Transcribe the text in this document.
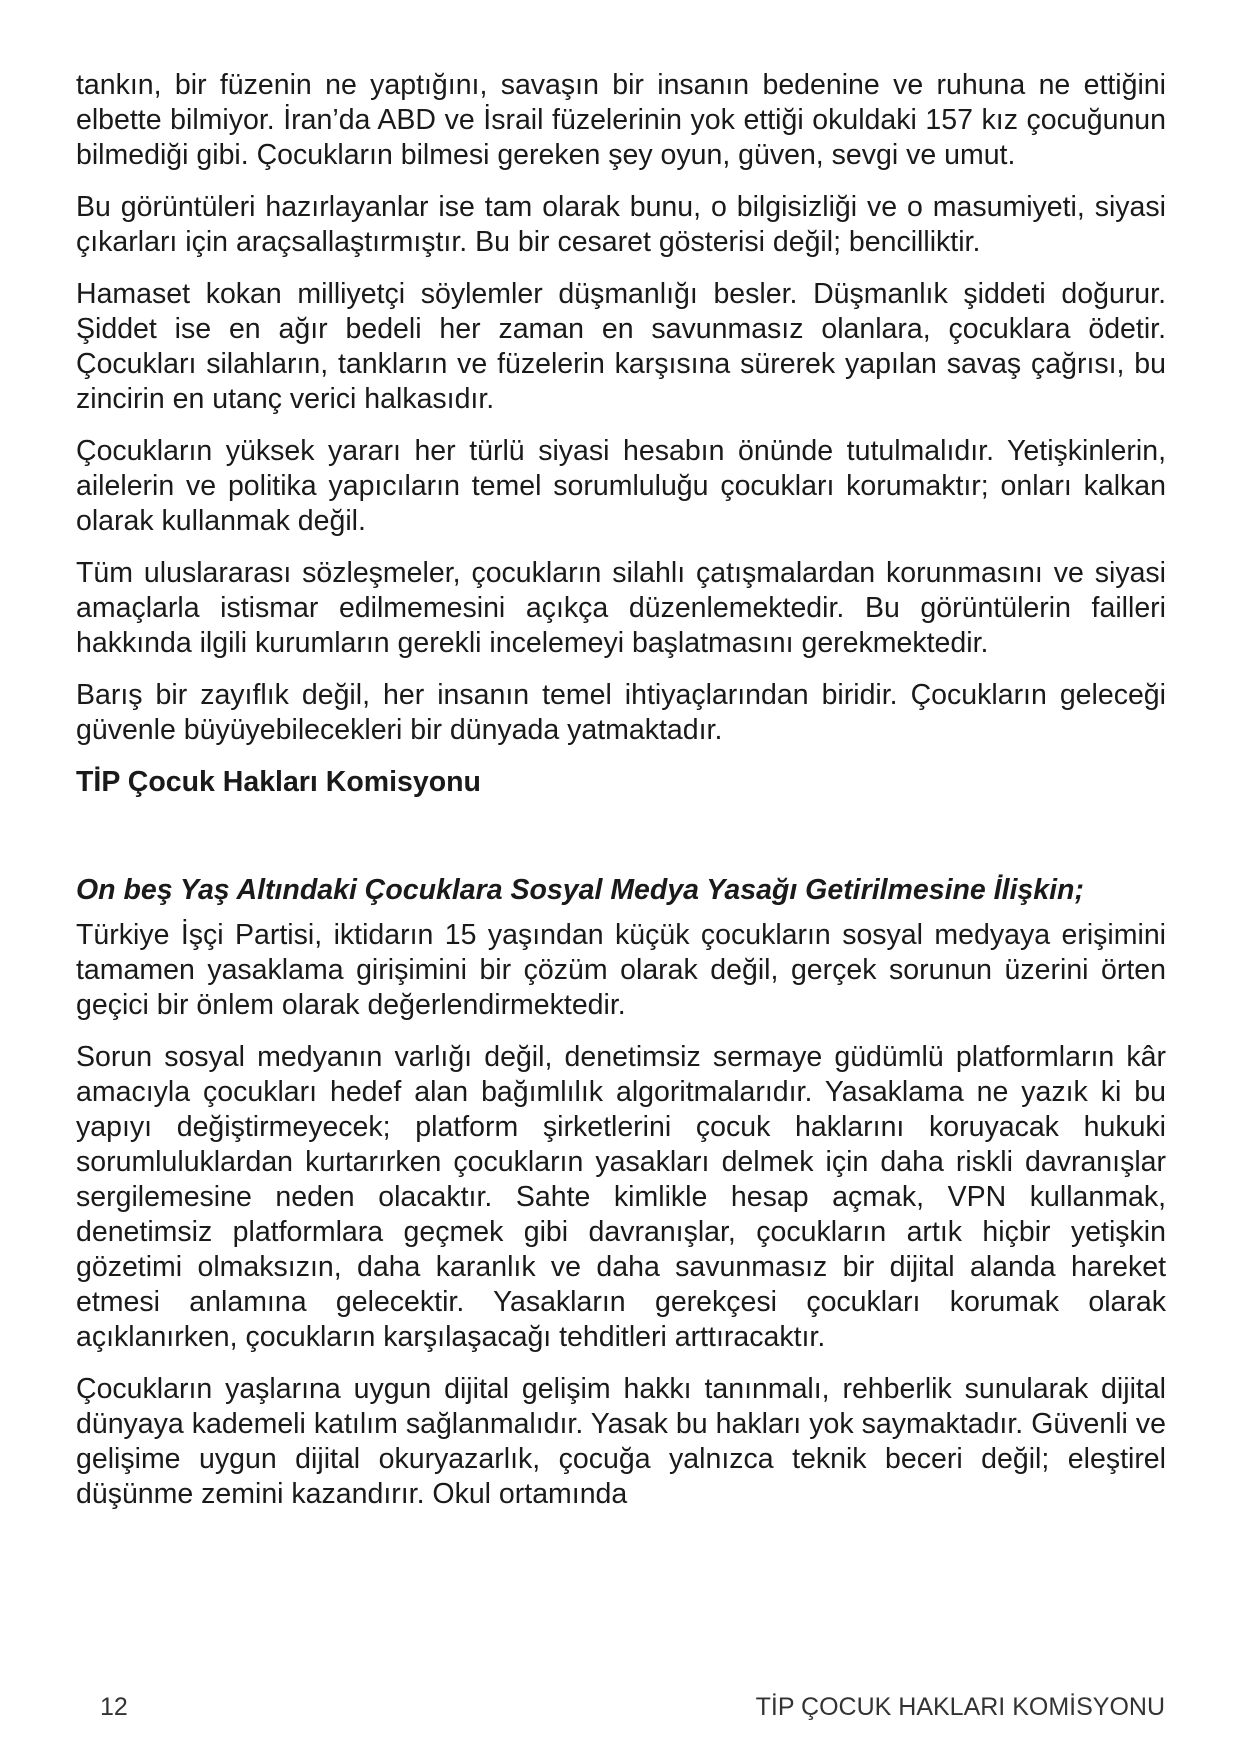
tankın, bir füzenin ne yaptığını, savaşın bir insanın bedenine ve ruhuna ne ettiğini elbette bilmiyor. İran’da ABD ve İsrail füzelerinin yok ettiği okuldaki 157 kız çocuğunun bilmediği gibi. Çocukların bilmesi gereken şey oyun, güven, sevgi ve umut.

Bu görüntüleri hazırlayanlar ise tam olarak bunu, o bilgisizliği ve o masumiyeti, siyasi çıkarları için araçsallaştırmıştır. Bu bir cesaret gösterisi değil; bencilliktir.

Hamaset kokan milliyetçi söylemler düşmanlığı besler. Düşmanlık şiddeti doğurur. Şiddet ise en ağır bedeli her zaman en savunmasız olanlara, çocuklara ödetir. Çocukları silahların, tankların ve füzelerin karşısına sürerek yapılan savaş çağrısı, bu zincirin en utanç verici halkasıdır.

Çocukların yüksek yararı her türlü siyasi hesabın önünde tutulmalıdır. Yetişkinlerin, ailelerin ve politika yapıcıların temel sorumluluğu çocukları korumaktır; onları kalkan olarak kullanmak değil.

Tüm uluslararası sözleşmeler, çocukların silahlı çatışmalardan korunmasını ve siyasi amaçlarla istismar edilmemesini açıkça düzenlemektedir. Bu görüntülerin failleri hakkında ilgili kurumların gerekli incelemeyi başlatmasını gerekmektedir.

Barış bir zayıflık değil, her insanın temel ihtiyaçlarından biridir. Çocukların geleceği güvenle büyüyebilecekleri bir dünyada yatmaktadır.

TİP Çocuk Hakları Komisyonu
On beş Yaş Altındaki Çocuklara Sosyal Medya Yasağı Getirilmesine İlişkin;

Türkiye İşçi Partisi, iktidarın 15 yaşından küçük çocukların sosyal medyaya erişimini tamamen yasaklama girişimini bir çözüm olarak değil, gerçek sorunun üzerini örten geçici bir önlem olarak değerlendirmektedir.

Sorun sosyal medyanın varlığı değil, denetimsiz sermaye güdümlü platformların kâr amacıyla çocukları hedef alan bağımlılık algoritmalarıdır. Yasaklama ne yazık ki bu yapıyı değiştirmeyecek; platform şirketlerini çocuk haklarını koruyacak hukuki sorumluluklardan kurtarırken çocukların yasakları delmek için daha riskli davranışlar sergilemesine neden olacaktır. Sahte kimlikle hesap açmak, VPN kullanmak, denetimsiz platformlara geçmek gibi davranışlar, çocukların artık hiçbir yetişkin gözetimi olmaksızın, daha karanlık ve daha savunmasız bir dijital alanda hareket etmesi anlamına gelecektir. Yasakların gerekçesi çocukları korumak olarak açıklanırken, çocukların karşılaşacağı tehditleri arttıracaktır.

Çocukların yaşlarına uygun dijital gelişim hakkı tanınmalı, rehberlik sunularak dijital dünyaya kademeli katılım sağlanmalıdır. Yasak bu hakları yok saymaktadır. Güvenli ve gelişime uygun dijital okuryazarlık, çocuğa yalnızca teknik beceri değil; eleştirel düşünme zemini kazandırır. Okul ortamında

12	TİP ÇOCUK HAKLARI KOMİSYONU
